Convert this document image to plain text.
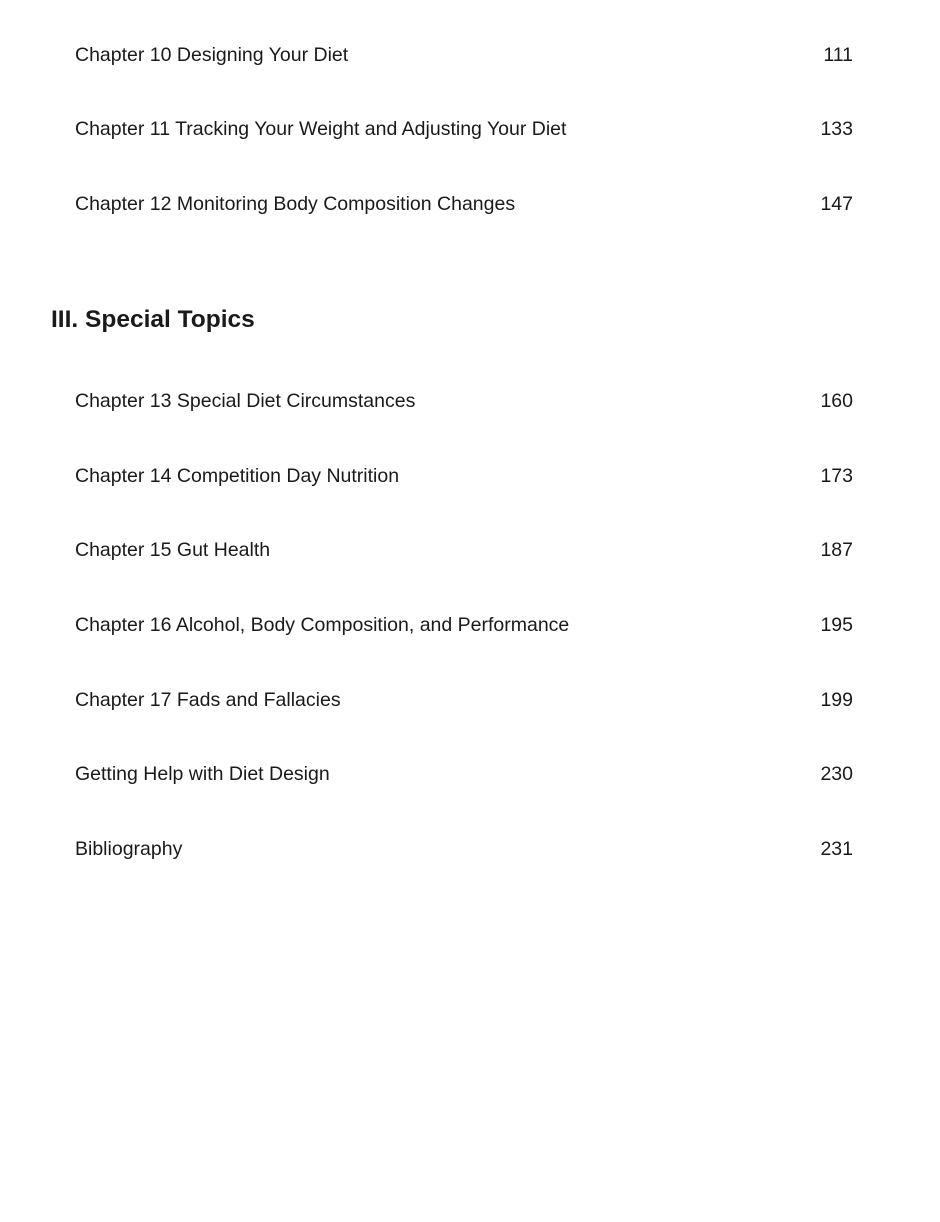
Chapter 10 Designing Your Diet	111
Chapter 11 Tracking Your Weight and Adjusting Your Diet	133
Chapter 12 Monitoring Body Composition Changes	147
III. Special Topics
Chapter 13 Special Diet Circumstances	160
Chapter 14 Competition Day Nutrition	173
Chapter 15 Gut Health	187
Chapter 16 Alcohol, Body Composition, and Performance	195
Chapter 17 Fads and Fallacies	199
Getting Help with Diet Design	230
Bibliography	231
